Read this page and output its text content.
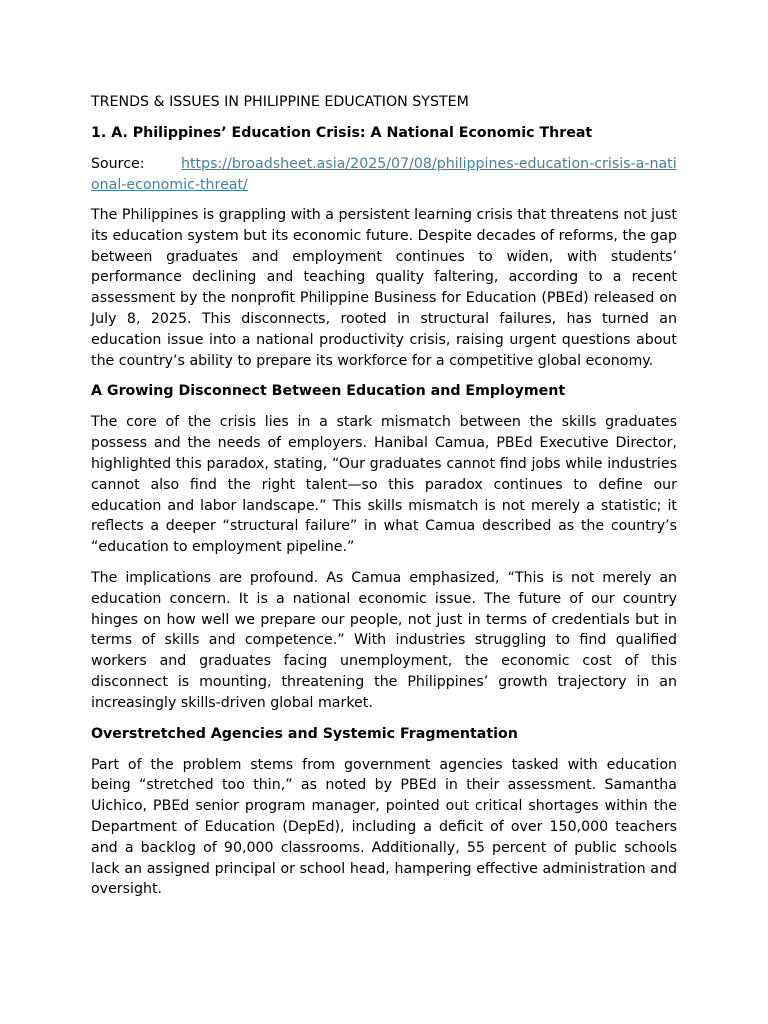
TRENDS & ISSUES IN PHILIPPINE EDUCATION SYSTEM
1. A. Philippines’ Education Crisis: A National Economic Threat
Source:	https://broadsheet.asia/2025/07/08/philippines-education-crisis-a-national-economic-threat/

The Philippines is grappling with a persistent learning crisis that threatens not just its education system but its economic future. Despite decades of reforms, the gap between graduates and employment continues to widen, with students’ performance declining and teaching quality faltering, according to a recent assessment by the nonprofit Philippine Business for Education (PBEd) released on July 8, 2025. This disconnects, rooted in structural failures, has turned an education issue into a national productivity crisis, raising urgent questions about the country’s ability to prepare its workforce for a competitive global economy.

A Growing Disconnect Between Education and Employment

The core of the crisis lies in a stark mismatch between the skills graduates possess and the needs of employers. Hanibal Camua, PBEd Executive Director, highlighted this paradox, stating, “Our graduates cannot find jobs while industries cannot also find the right talent—so this paradox continues to define our education and labor landscape.” This skills mismatch is not merely a statistic; it reflects a deeper “structural failure” in what Camua described as the country’s “education to employment pipeline.”

The implications are profound. As Camua emphasized, “This is not merely an education concern. It is a national economic issue. The future of our country hinges on how well we prepare our people, not just in terms of credentials but in terms of skills and competence.” With industries struggling to find qualified workers and graduates facing unemployment, the economic cost of this disconnect is mounting, threatening the Philippines’ growth trajectory in an increasingly skills-driven global market.

Overstretched Agencies and Systemic Fragmentation

Part of the problem stems from government agencies tasked with education being “stretched too thin,” as noted by PBEd in their assessment. Samantha Uichico, PBEd senior program manager, pointed out critical shortages within the Department of Education (DepEd), including a deficit of over 150,000 teachers and a backlog of 90,000 classrooms. Additionally, 55 percent of public schools lack an assigned principal or school head, hampering effective administration and oversight.
